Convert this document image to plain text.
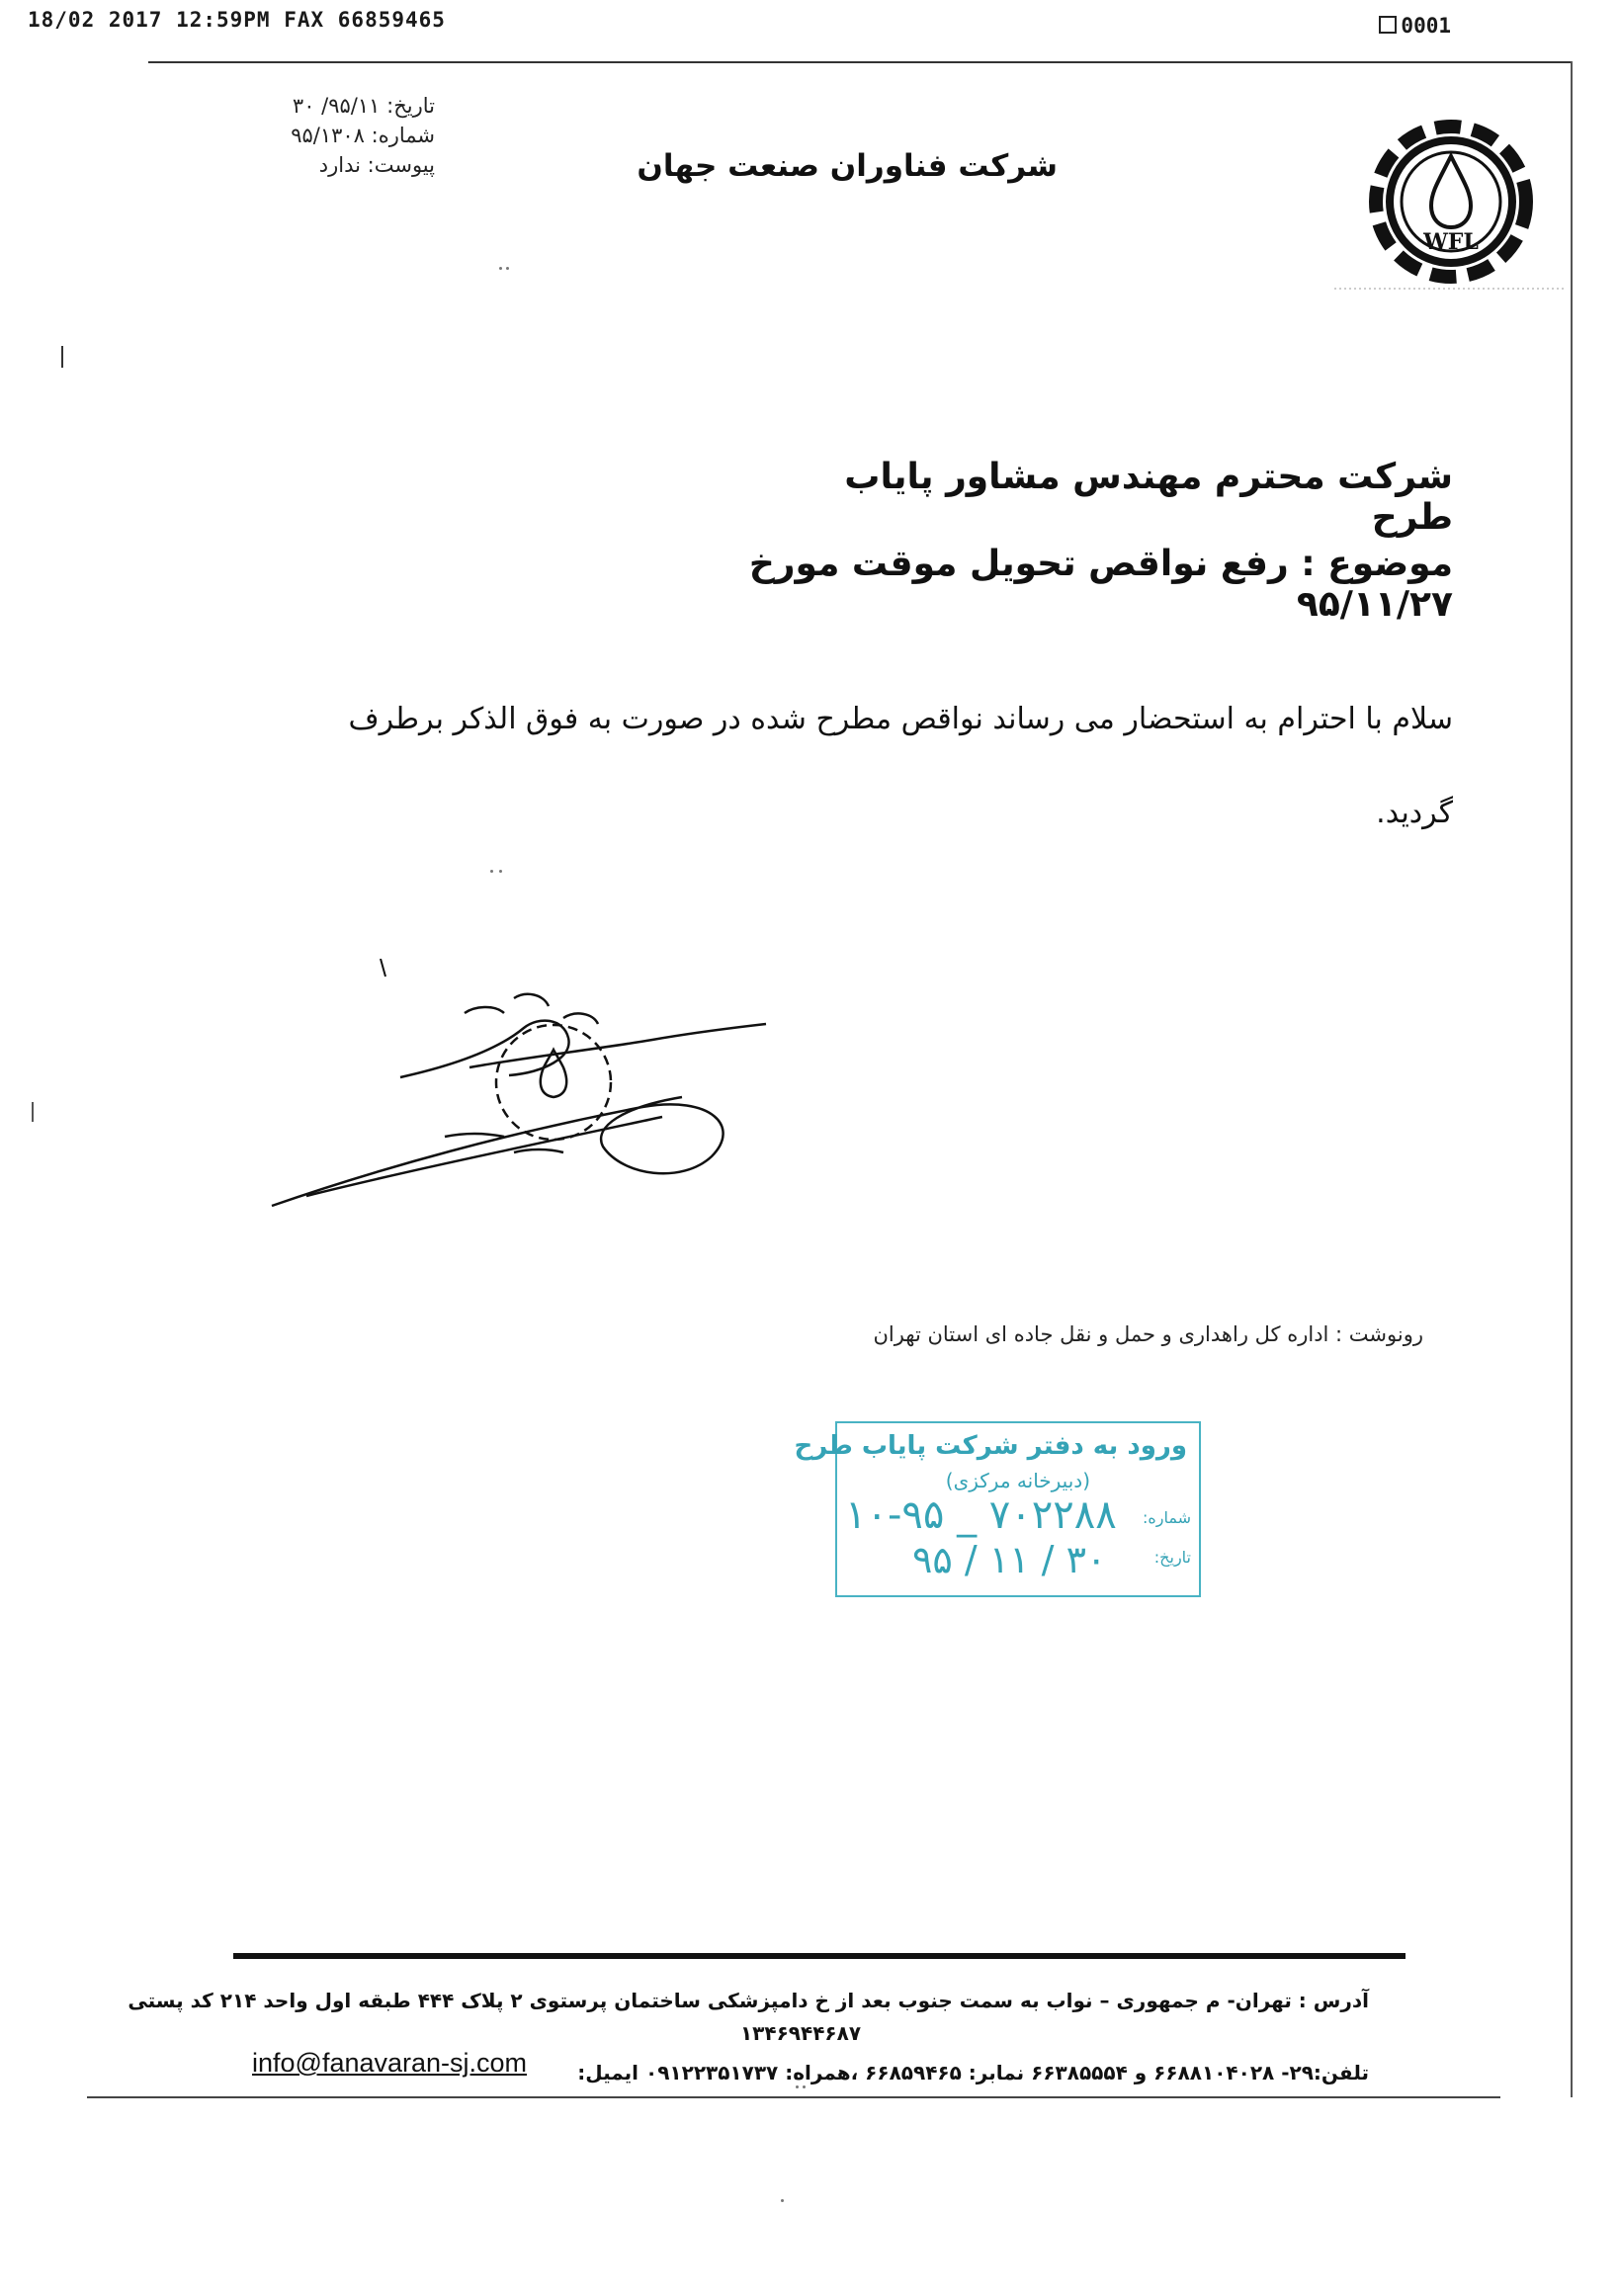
18/02 2017 12:59PM FAX 66859465	0001
تاریخ: ۹۵/۱۱/ ۳۰
شماره: ۹۵/۱۳۰۸
پیوست: ندارد	شرکت فناوران صنعت جهان
WFL
شرکت محترم مهندس مشاور پایاب طرح
موضوع : رفع نواقص تحویل موقت مورخ ۹۵/۱۱/۲۷
سلام با احترام به استحضار می رساند نواقص مطرح شده در صورت به فوق الذکر برطرف
گردید.
رونوشت : اداره کل راهداری و حمل و نقل جاده ای استان تهران
ورود به دفتر شرکت پایاب طرح
(دبیرخانه مرکزی)
شماره:
تاریخ:
۱۰-۹۵ _ ۷۰۲۲۸۸
۹۵ / ۱۱ / ۳۰
آدرس : تهران- م جمهوری – نواب به سمت جنوب بعد از خ دامپزشکی ساختمان پرستوی ۲ پلاک ۴۴۴ طبقه اول واحد ۲۱۴ کد پستی
۱۳۴۶۹۴۴۶۸۷
تلفن:۲۹- ۶۶۸۸۱۰۴۰۲۸ و ۶۶۳۸۵۵۵۴ نمابر: ۶۶۸۵۹۴۶۵ ،همراه: ۰۹۱۲۲۳۵۱۷۳۷ ایمیل:
info@fanavaran-sj.com
